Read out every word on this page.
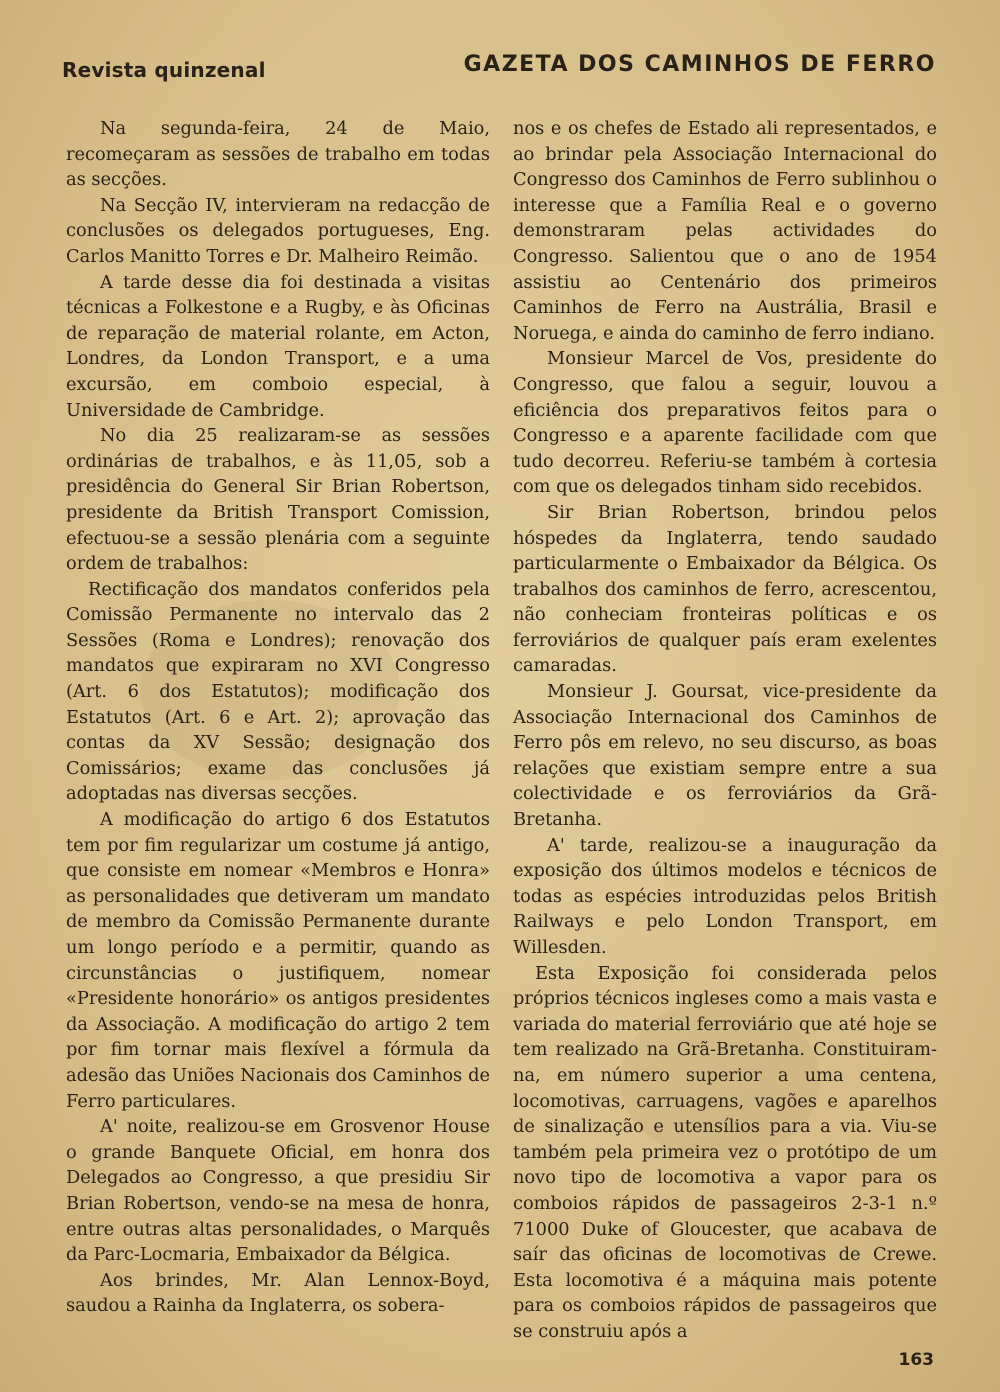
Revista quinzenal	GAZETA DOS CAMINHOS DE FERRO

Na segunda-feira, 24 de Maio, recomeçaram as sessões de trabalho em todas as secções.

Na Secção IV, intervieram na redacção de conclusões os delegados portugueses, Eng. Carlos Manitto Torres e Dr. Malheiro Reimão.

A tarde desse dia foi destinada a visitas técnicas a Folkestone e a Rugby, e às Oficinas de reparação de material rolante, em Acton, Londres, da London Transport, e a uma excursão, em comboio especial, à Universidade de Cambridge.

No dia 25 realizaram-se as sessões ordinárias de trabalhos, e às 11,05, sob a presidência do General Sir Brian Robertson, presidente da British Transport Comission, efectuou-se a sessão plenária com a seguinte ordem de trabalhos:

Rectificação dos mandatos conferidos pela Comissão Permanente no intervalo das 2 Sessões (Roma e Londres); renovação dos mandatos que expiraram no XVI Congresso (Art. 6 dos Estatutos); modificação dos Estatutos (Art. 6 e Art. 2); aprovação das contas da XV Sessão; designação dos Comissários; exame das conclusões já adoptadas nas diversas secções.

A modificação do artigo 6 dos Estatutos tem por fim regularizar um costume já antigo, que consiste em nomear «Membros e Honra» as personalidades que detiveram um mandato de membro da Comissão Permanente durante um longo período e a permitir, quando as circunstâncias o justifiquem, nomear «Presidente honorário» os antigos presidentes da Associação. A modificação do artigo 2 tem por fim tornar mais flexível a fórmula da adesão das Uniões Nacionais dos Caminhos de Ferro particulares.

A' noite, realizou-se em Grosvenor House o grande Banquete Oficial, em honra dos Delegados ao Congresso, a que presidiu Sir Brian Robertson, vendo-se na mesa de honra, entre outras altas personalidades, o Marquês da Parc-Locmaria, Embaixador da Bélgica.

Aos brindes, Mr. Alan Lennox-Boyd, saudou a Rainha da Inglaterra, os sobera-

nos e os chefes de Estado ali representados, e ao brindar pela Associação Internacional do Congresso dos Caminhos de Ferro sublinhou o interesse que a Família Real e o governo demonstraram pelas actividades do Congresso. Salientou que o ano de 1954 assistiu ao Centenário dos primeiros Caminhos de Ferro na Austrália, Brasil e Noruega, e ainda do caminho de ferro indiano.

Monsieur Marcel de Vos, presidente do Congresso, que falou a seguir, louvou a eficiência dos preparativos feitos para o Congresso e a aparente facilidade com que tudo decorreu. Referiu-se também à cortesia com que os delegados tinham sido recebidos.

Sir Brian Robertson, brindou pelos hóspedes da Inglaterra, tendo saudado particularmente o Embaixador da Bélgica. Os trabalhos dos caminhos de ferro, acrescentou, não conheciam fronteiras políticas e os ferroviários de qualquer país eram exelentes camaradas.

Monsieur J. Goursat, vice-presidente da Associação Internacional dos Caminhos de Ferro pôs em relevo, no seu discurso, as boas relações que existiam sempre entre a sua colectividade e os ferroviários da Grã-Bretanha.

A' tarde, realizou-se a inauguração da exposição dos últimos modelos e técnicos de todas as espécies introduzidas pelos British Railways e pelo London Transport, em Willesden.

Esta Exposição foi considerada pelos próprios técnicos ingleses como a mais vasta e variada do material ferroviário que até hoje se tem realizado na Grã-Bretanha. Constituiram-na, em número superior a uma centena, locomotivas, carruagens, vagões e aparelhos de sinalização e utensílios para a via. Viu-se também pela primeira vez o protótipo de um novo tipo de locomotiva a vapor para os comboios rápidos de passageiros 2-3-1 n.º 71000 Duke of Gloucester, que acabava de saír das oficinas de locomotivas de Crewe. Esta locomotiva é a máquina mais potente para os comboios rápidos de passageiros que se construiu após a

163
